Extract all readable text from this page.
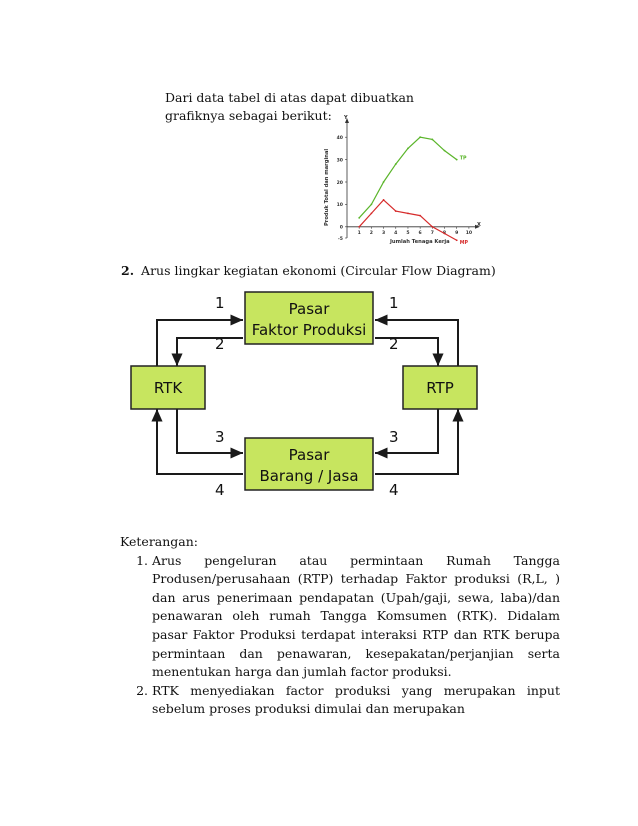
Dari data tabel di atas dapat dibuatkan
grafiknya sebagai berikut:
40
30
20
10
0
-5
1 2 3 4 5 6 7	9 10
TP
MP
Produk Total dan marginal
Jumlah Tenaga Kerja
Y
X
2. Arus lingkar kegiatan ekonomi (Circular Flow Diagram)
Pasar
Faktor Produksi
Pasar
Barang / Jasa
RTK	RTP
1	1
2	2
3	3
4	4
Keterangan:
1. Arus pengeluran atau permintaan Rumah Tangga Produsen/perusahaan (RTP) terhadap Faktor produksi (R,L, ) dan arus penerimaan pendapatan (Upah/gaji, sewa, laba)/dan penawaran oleh rumah Tangga Komsumen (RTK). Didalam pasar Faktor Produksi terdapat interaksi RTP dan RTK berupa permintaan dan penawaran, kesepakatan/perjanjian serta menentukan harga dan jumlah factor produksi.
2. RTK menyediakan factor produksi yang merupakan input sebelum proses produksi dimulai dan merupakan
